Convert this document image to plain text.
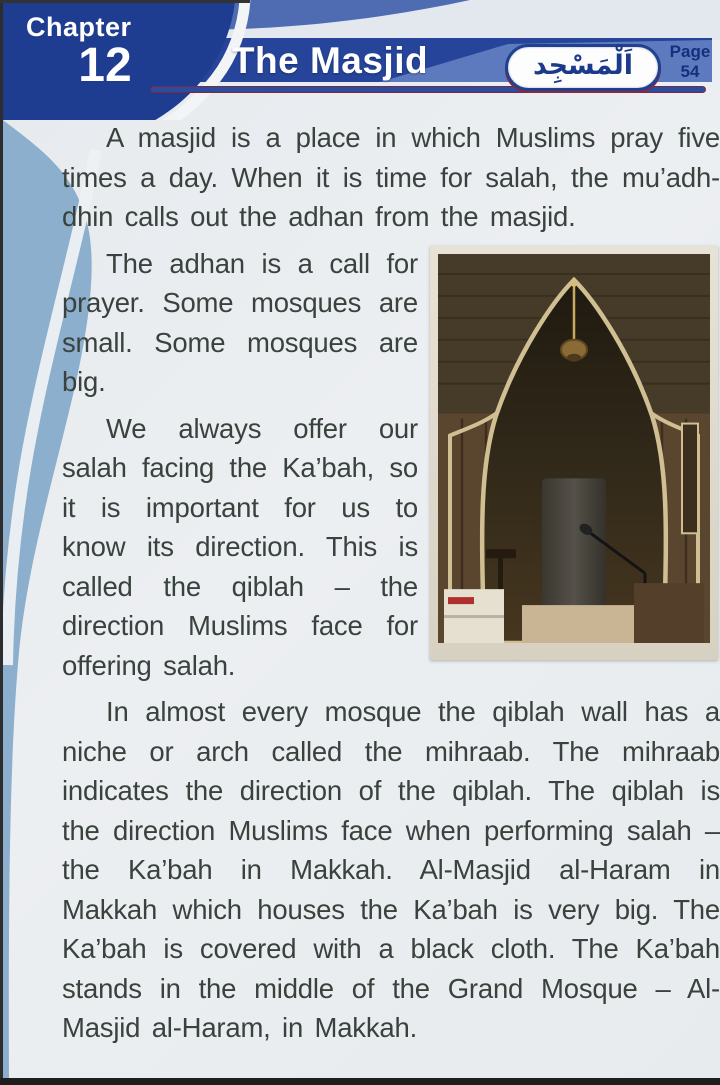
Chapter
12	The Masjid	اَلْمَسْجِد	Page
54

A masjid is a place in which Muslims pray five times a day. When it is time for salah, the mu’adh-dhin calls out the adhan from the masjid.

The adhan is a call for prayer. Some mosques are small. Some mosques are big.

We always offer our salah facing the Ka’bah, so it is important for us to know its direction. This is called the qiblah – the direction Muslims face for offering salah.

In almost every mosque the qiblah wall has a niche or arch called the mihraab. The mihraab indicates the direction of the qiblah. The qiblah is the direction Muslims face when performing salah – the Ka’bah in Makkah. Al-Masjid al-Haram in Makkah which houses the Ka’bah is very big. The Ka’bah is covered with a black cloth. The Ka’bah stands in the middle of the Grand Mosque – Al-Masjid al-Haram, in Makkah.
